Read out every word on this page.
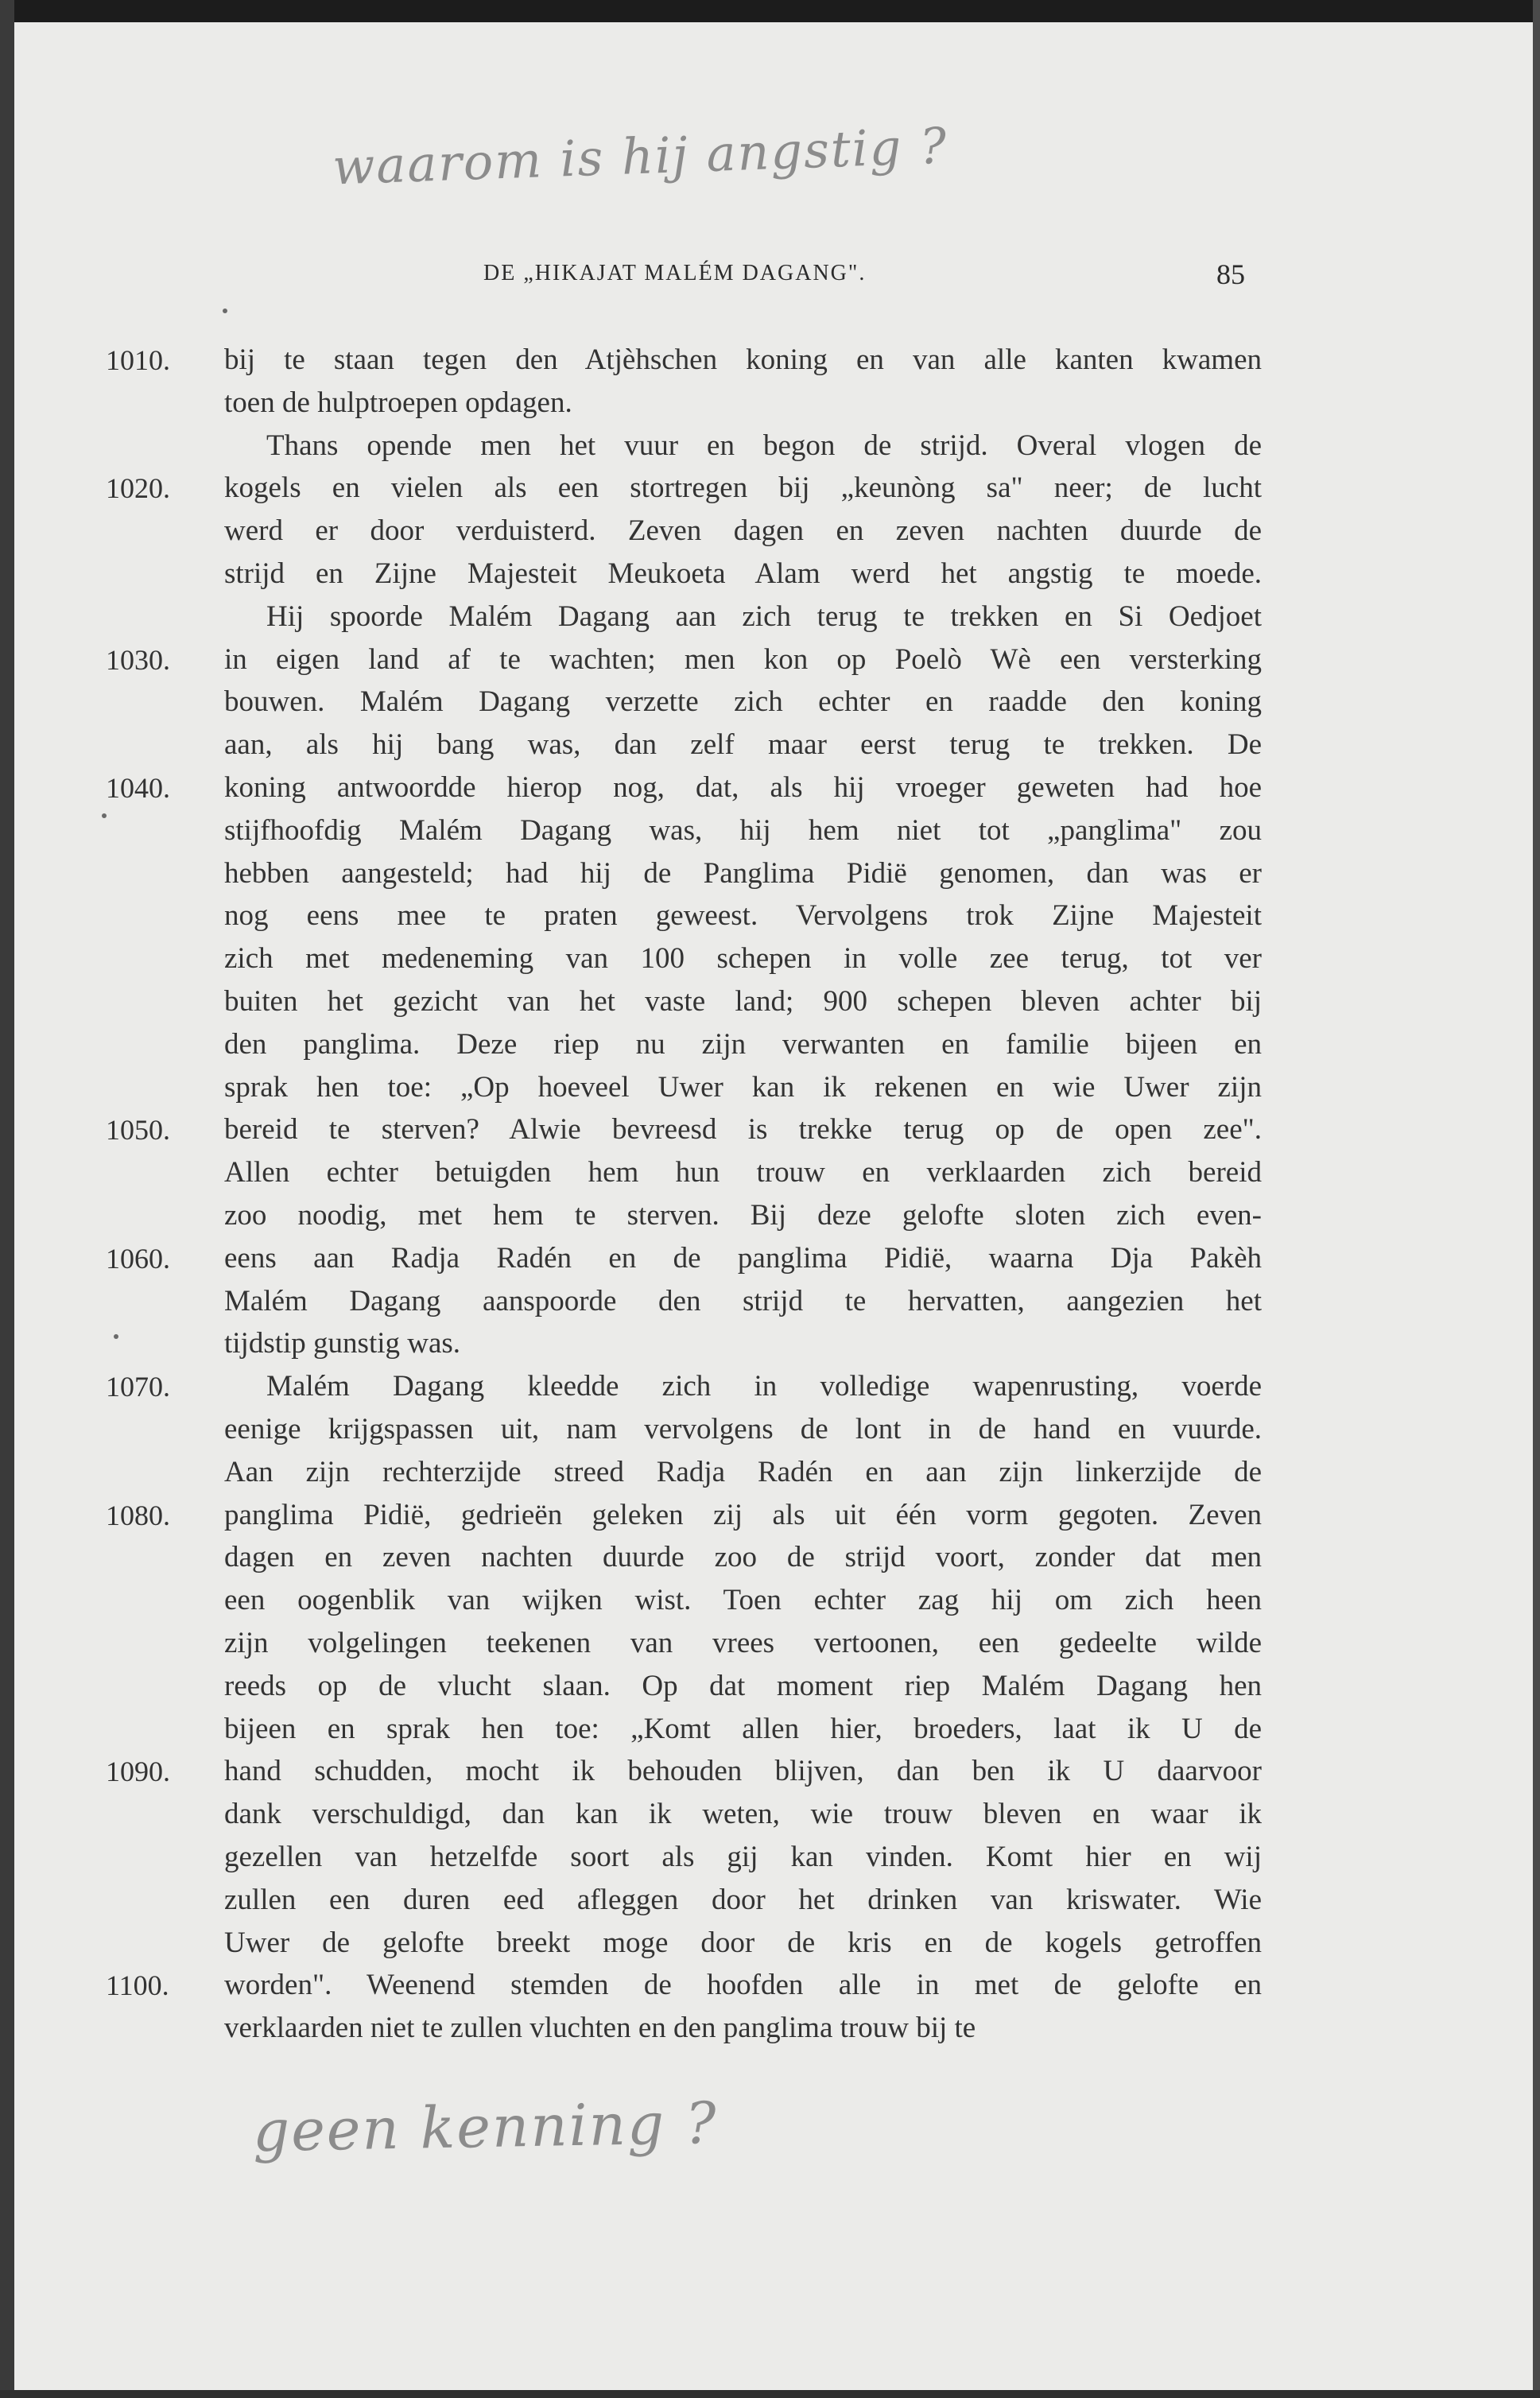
waarom is hij angstig ?
DE „HIKAJAT MALÉM DAGANG".	85
bij te staan tegen den Atjèhschen koning en van alle kanten kwamen
toen de hulptroepen opdagen.
Thans opende men het vuur en begon de strijd. Overal vlogen de
kogels en vielen als een stortregen bij „keunòng sa" neer; de lucht
werd er door verduisterd. Zeven dagen en zeven nachten duurde de
strijd en Zijne Majesteit Meukoeta Alam werd het angstig te moede.
Hij spoorde Malém Dagang aan zich terug te trekken en Si Oedjoet
in eigen land af te wachten; men kon op Poelò Wè een versterking
bouwen. Malém Dagang verzette zich echter en raadde den koning
aan, als hij bang was, dan zelf maar eerst terug te trekken. De
koning antwoordde hierop nog, dat, als hij vroeger geweten had hoe
stijfhoofdig Malém Dagang was, hij hem niet tot „panglima" zou
hebben aangesteld; had hij de Panglima Pidië genomen, dan was er
nog eens mee te praten geweest. Vervolgens trok Zijne Majesteit
zich met medeneming van 100 schepen in volle zee terug, tot ver
buiten het gezicht van het vaste land; 900 schepen bleven achter bij
den panglima. Deze riep nu zijn verwanten en familie bijeen en
sprak hen toe: „Op hoeveel Uwer kan ik rekenen en wie Uwer zijn
bereid te sterven? Alwie bevreesd is trekke terug op de open zee".
Allen echter betuigden hem hun trouw en verklaarden zich bereid
zoo noodig, met hem te sterven. Bij deze gelofte sloten zich even-
eens aan Radja Radén en de panglima Pidië, waarna Dja Pakèh
Malém Dagang aanspoorde den strijd te hervatten, aangezien het
tijdstip gunstig was.
Malém Dagang kleedde zich in volledige wapenrusting, voerde
eenige krijgspassen uit, nam vervolgens de lont in de hand en vuurde.
Aan zijn rechterzijde streed Radja Radén en aan zijn linkerzijde de
panglima Pidië, gedrieën geleken zij als uit één vorm gegoten. Zeven
dagen en zeven nachten duurde zoo de strijd voort, zonder dat men
een oogenblik van wijken wist. Toen echter zag hij om zich heen
zijn volgelingen teekenen van vrees vertoonen, een gedeelte wilde
reeds op de vlucht slaan. Op dat moment riep Malém Dagang hen
bijeen en sprak hen toe: „Komt allen hier, broeders, laat ik U de
hand schudden, mocht ik behouden blijven, dan ben ik U daarvoor
dank verschuldigd, dan kan ik weten, wie trouw bleven en waar ik
gezellen van hetzelfde soort als gij kan vinden. Komt hier en wij
zullen een duren eed afleggen door het drinken van kriswater. Wie
Uwer de gelofte breekt moge door de kris en de kogels getroffen
worden". Weenend stemden de hoofden alle in met de gelofte en
verklaarden niet te zullen vluchten en den panglima trouw bij te
1010.
1020.
1030.
1040.
1050.
1060.
1070.
1080.
1090.
1100.
geen kenning ?
